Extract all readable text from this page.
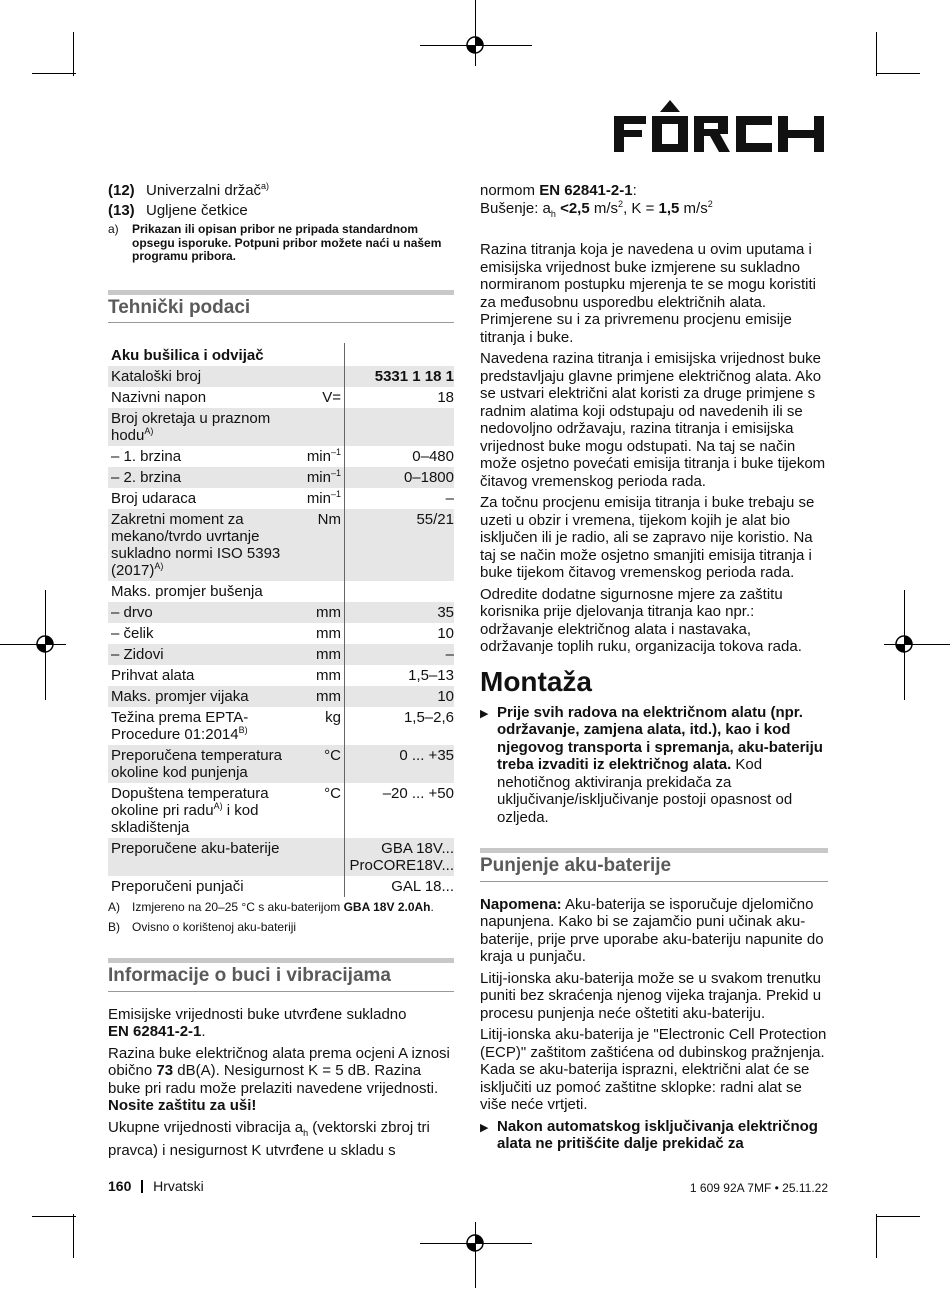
(12) Univerzalni držač$^{a)}$
(13) Ugljene četkice
a)	Prikazan ili opisan pribor ne pripada standardnom opsegu isporuke. Potpuni pribor možete naći u našem programu pribora.
Tehnički podaci
Aku bušilica i odvijač		
Kataloški broj		5331 1 18 1
Nazivni napon	V=	18
Broj okretaja u praznom hodu$^{A)}$		
– 1. brzina	$\min^{-1}$	0–480
– 2. brzina	$\min^{-1}$	0–1800
Broj udaraca	$\min^{-1}$	–
Zakretni moment za mekano/tvrdo uvrtanje sukladno normi ISO 5393 $(2017)^{A)}$	Nm	55/21
Maks. promjer bušenja		
– drvo	mm	35
– čelik	mm	10
– Zidovi	mm	–
Prihvat alata	mm	1,5–13
Maks. promjer vijaka	mm	10
Težina prema EPTA-Procedure $01:2014^{B)}$	kg	1,5–2,6
Preporučena temperatura okoline kod punjenja	°C	0 ... +35
Dopuštena temperatura okoline pri radu$^{A)}$ i kod skladištenja	°C	–20 ... +50
Preporučene aku-baterije		GBA 18V...
ProCORE18V...
Preporučeni punjači		GAL 18...
A)	Izmjereno na 20–25 °C s aku-baterijom GBA 18V 2.0Ah.
B)	Ovisno o korištenoj aku-bateriji
Informacije o buci i vibracijama

Emisijske vrijednosti buke utvrđene sukladno
EN 62841-2-1.

Razina buke električnog alata prema ocjeni A iznosi obično 73 dB(A). Nesigurnost K = 5 dB. Razina buke pri radu može prelaziti navedene vrijednosti. Nosite zaštitu za uši!

Ukupne vrijednosti vibracija $a_h$ (vektorski zbroj tri pravca) i nesigurnost K utvrđene u skladu s

normom EN 62841-2-1:

Bušenje: $a_h <2,5$ $m/s^2$, K = 1,5 $m/s^2$

Razina titranja koja je navedena u ovim uputama i emisijska vrijednost buke izmjerene su sukladno normiranom postupku mjerenja te se mogu koristiti za međusobnu usporedbu električnih alata. Primjerene su i za privremenu procjenu emisije titranja i buke.

Navedena razina titranja i emisijska vrijednost buke predstavljaju glavne primjene električnog alata. Ako se ustvari električni alat koristi za druge primjene s radnim alatima koji odstupaju od navedenih ili se nedovoljno održavaju, razina titranja i emisijska vrijednost buke mogu odstupati. Na taj se način može osjetno povećati emisija titranja i buke tijekom čitavog vremenskog perioda rada.

Za točnu procjenu emisija titranja i buke trebaju se uzeti u obzir i vremena, tijekom kojih je alat bio isključen ili je radio, ali se zapravo nije koristio. Na taj se način može osjetno smanjiti emisija titranja i buke tijekom čitavog vremenskog perioda rada.

Odredite dodatne sigurnosne mjere za zaštitu korisnika prije djelovanja titranja kao npr.: održavanje električnog alata i nastavaka, održavanje toplih ruku, organizacija tokova rada.

Montaža
▶ Prije svih radova na električnom alatu (npr. održavanje, zamjena alata, itd.), kao i kod njegovog transporta i spremanja, aku-bateriju treba izvaditi iz električnog alata. Kod nehotičnog aktiviranja prekidača za uključivanje/isključivanje postoji opasnost od ozljeda.
Punjenje aku-baterije

Napomena: Aku-baterija se isporučuje djelomično napunjena. Kako bi se zajamčio puni učinak aku-baterije, prije prve uporabe aku-bateriju napunite do kraja u punjaču.

Litij-ionska aku-baterija može se u svakom trenutku puniti bez skraćenja njenog vijeka trajanja. Prekid u procesu punjenja neće oštetiti aku-bateriju.

Litij-ionska aku-baterija je "Electronic Cell Protection (ECP)" zaštitom zaštićena od dubinskog pražnjenja. Kada se aku-baterija isprazni, električni alat će se isključiti uz pomoć zaštitne sklopke: radni alat se više neće vrtjeti.

▶ Nakon automatskog isključivanja električnog alata ne pritišćite dalje prekidač za
160 Hrvatski	1 609 92A 7MF • 25.11.22
